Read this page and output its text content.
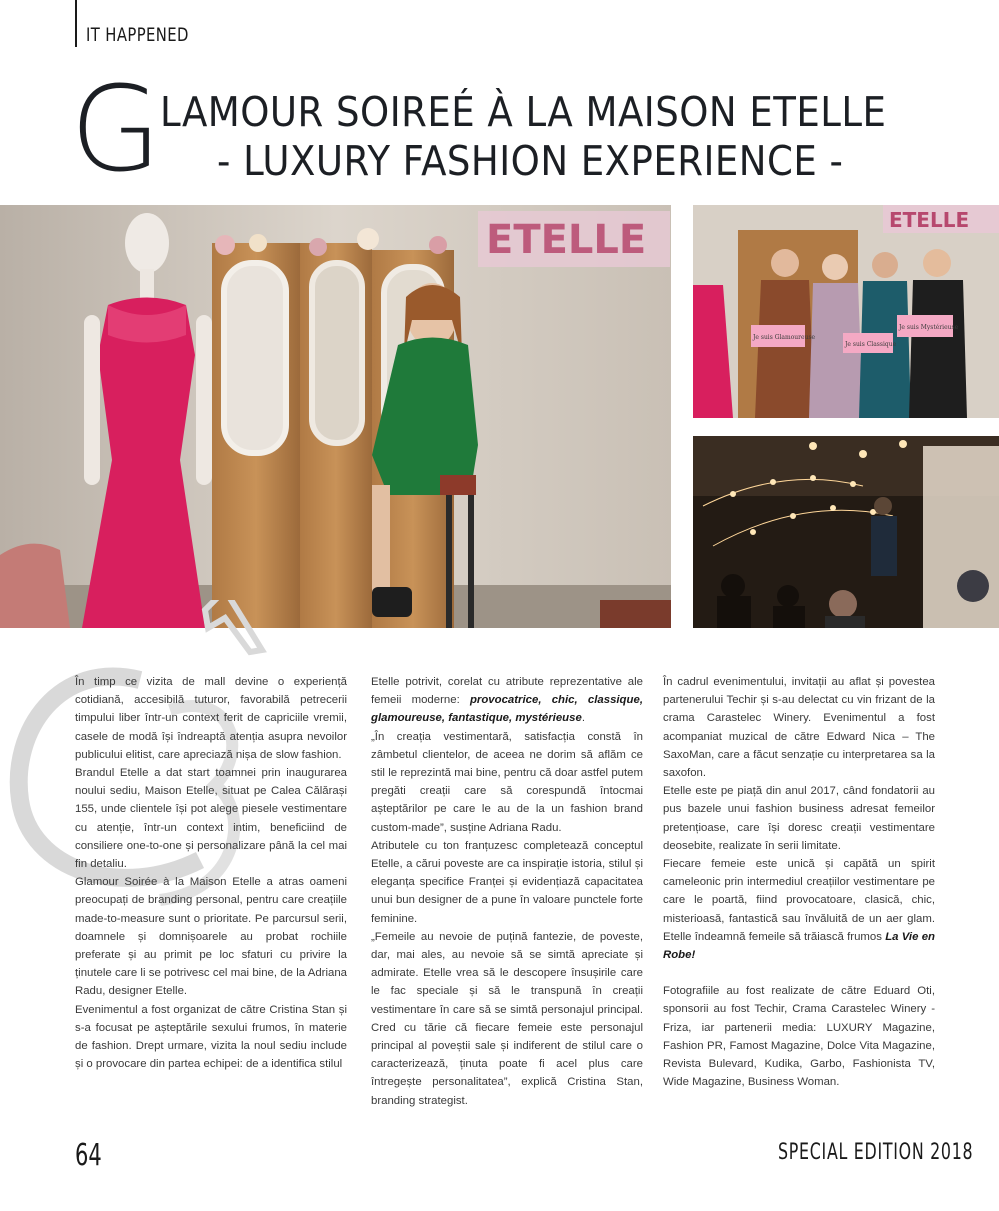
IT HAPPENED
G
LAMOUR SOIREÉ À LA MAISON ETELLE
- LUXURY FASHION EXPERIENCE -
ETELLE	ETELLE
Je suis Glamoureuse
Je suis Mystérieuse
Je suis Classique

În timp ce vizita de mall devine o experiență cotidiană, accesibilă tuturor, favorabilă petrecerii timpului liber într-un context ferit de capriciile vremii, casele de modă își îndreaptă atenția asupra nevoilor publicului elitist, care apreciază nișa de slow fashion.

Brandul Etelle a dat start toamnei prin inaugurarea noului sediu, Maison Etelle, situat pe Calea Călărași 155, unde clientele își pot alege piesele vestimentare cu atenție, într-un context intim, beneficiind de consiliere one-to-one și personalizare până la cel mai fin detaliu.

Glamour Soirée à la Maison Etelle a atras oameni preocupați de branding personal, pentru care creațiile made-to-measure sunt o prioritate. Pe parcursul serii, doamnele și domnișoarele au probat rochiile preferate și au primit pe loc sfaturi cu privire la ținutele care li se potrivesc cel mai bine, de la Adriana Radu, designer Etelle.

Evenimentul a fost organizat de către Cristina Stan și s-a focusat pe așteptările sexului frumos, în materie de fashion. Drept urmare, vizita la noul sediu include și o provocare din partea echipei: de a identifica stilul

Etelle potrivit, corelat cu atribute reprezentative ale femeii moderne: provocatrice, chic, classique, glamoureuse, fantastique, mystérieuse.

„În creația vestimentară, satisfacția constă în zâmbetul clientelor, de aceea ne dorim să aflăm ce stil le reprezintă mai bine, pentru că doar astfel putem pregăti creații care să corespundă întocmai așteptărilor pe care le au de la un fashion brand custom-made”, susține Adriana Radu.

Atributele cu ton franțuzesc completează conceptul Etelle, a cărui poveste are ca inspirație istoria, stilul și eleganța specifice Franței și evidențiază capacitatea unui bun designer de a pune în valoare punctele forte feminine.

„Femeile au nevoie de puțină fantezie, de poveste, dar, mai ales, au nevoie să se simtă apreciate și admirate. Etelle vrea să le descopere însușirile care le fac speciale și să le transpună în creații vestimentare în care să se simtă personajul principal. Cred cu tărie că fiecare femeie este personajul principal al poveștii sale și indiferent de stilul care o caracterizează, ținuta poate fi acel plus care întregește personalitatea”, explică Cristina Stan, branding strategist.

În cadrul evenimentului, invitații au aflat și povestea partenerului Techir și s-au delectat cu vin frizant de la crama Carastelec Winery. Evenimentul a fost acompaniat muzical de către Edward Nica – The SaxoMan, care a făcut senzație cu interpretarea sa la saxofon.

Etelle este pe piață din anul 2017, când fondatorii au pus bazele unui fashion business adresat femeilor pretențioase, care își doresc creații vestimentare deosebite, realizate în serii limitate.

Fiecare femeie este unică și capătă un spirit cameleonic prin intermediul creațiilor vestimentare pe care le poartă, fiind provocatoare, clasică, chic, misterioasă, fantastică sau învăluită de un aer glam. Etelle îndeamnă femeile să trăiască frumos La Vie en Robe!

Fotografiile au fost realizate de către Eduard Oti, sponsorii au fost Techir, Crama Carastelec Winery - Friza, iar partenerii media: LUXURY Magazine, Fashion PR, Famost Magazine, Dolce Vita Magazine, Revista Bulevard, Kudika, Garbo, Fashionista TV, Wide Magazine, Business Woman.

64	SPECIAL EDITION 2018
